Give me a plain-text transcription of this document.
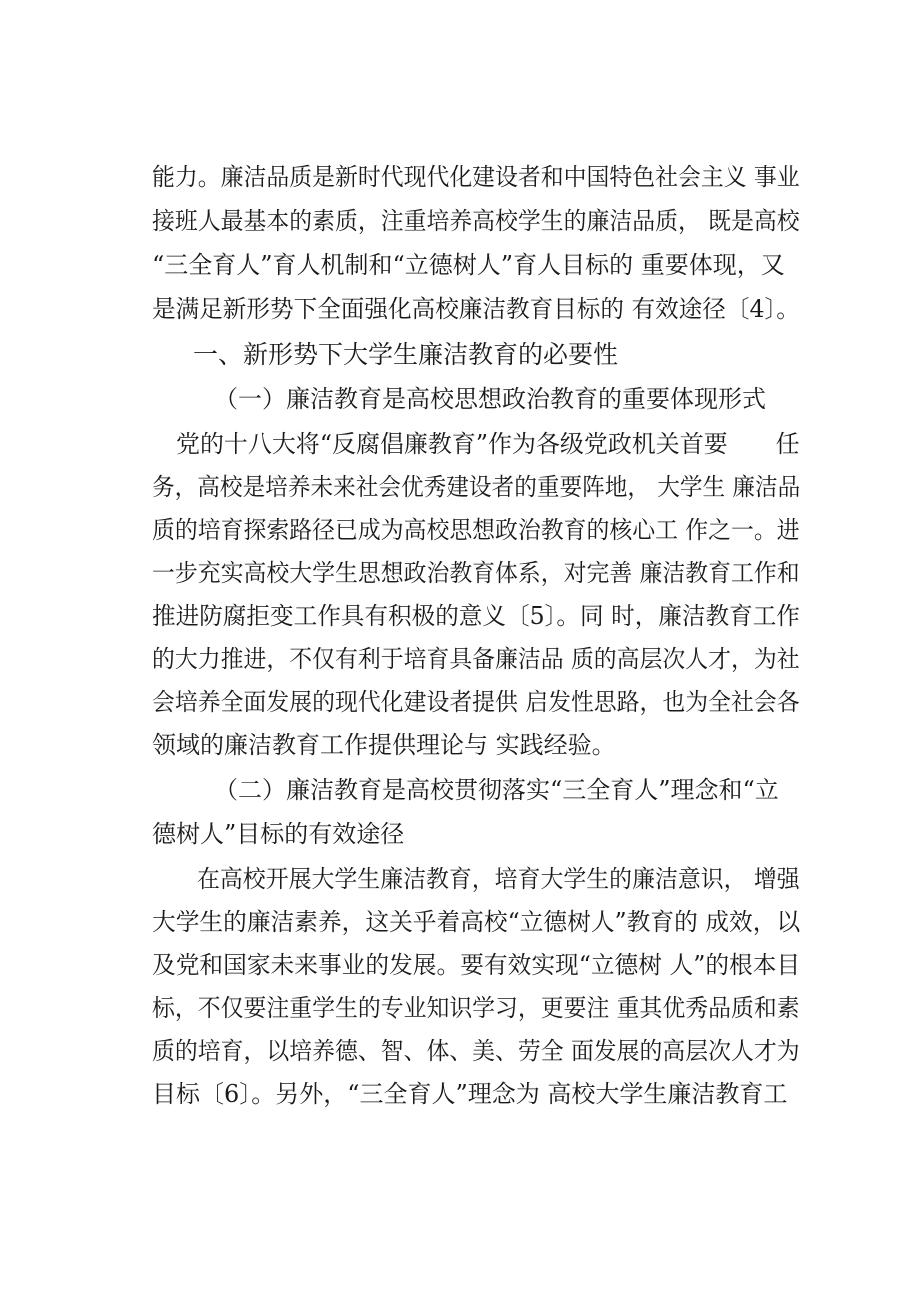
能力。廉洁品质是新时代现代化建设者和中国特色社会主义 事业
接班人最基本的素质，注重培养高校学生的廉洁品质， 既是高校
“三全育人”育人机制和“立德树人”育人目标的 重要体现，又
是满足新形势下全面强化高校廉洁教育目标的 有效途径〔4〕。
一、新形势下大学生廉洁教育的必要性
（一）廉洁教育是高校思想政治教育的重要体现形式
党的十八大将“反腐倡廉教育”作为各级党政机关首要　　任
务，高校是培养未来社会优秀建设者的重要阵地， 大学生 廉洁品
质的培育探索路径已成为高校思想政治教育的核心工 作之一。进
一步充实高校大学生思想政治教育体系，对完善 廉洁教育工作和
推进防腐拒变工作具有积极的意义〔5〕。同 时，廉洁教育工作
的大力推进，不仅有利于培育具备廉洁品 质的高层次人才，为社
会培养全面发展的现代化建设者提供 启发性思路，也为全社会各
领域的廉洁教育工作提供理论与 实践经验。
（二）廉洁教育是高校贯彻落实“三全育人”理念和“立
德树人”目标的有效途径
在高校开展大学生廉洁教育，培育大学生的廉洁意识， 增强
大学生的廉洁素养，这关乎着高校“立德树人”教育的 成效，以
及党和国家未来事业的发展。要有效实现“立德树 人”的根本目
标，不仅要注重学生的专业知识学习，更要注 重其优秀品质和素
质的培育，以培养德、智、体、美、劳全 面发展的高层次人才为
目标〔6〕。另外，“三全育人”理念为 高校大学生廉洁教育工
